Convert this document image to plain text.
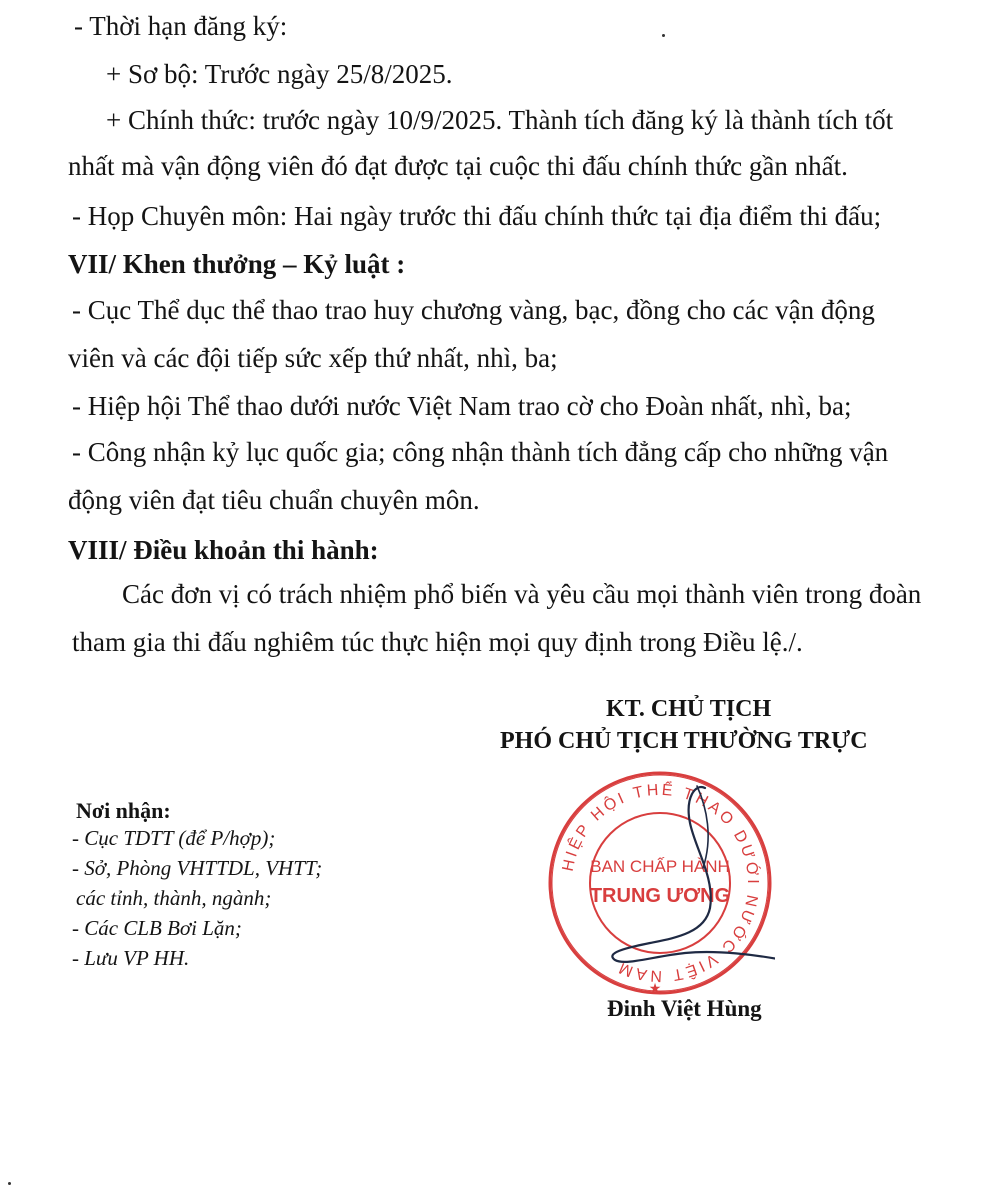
- Thời hạn đăng ký:
+ Sơ bộ: Trước ngày 25/8/2025.
+ Chính thức: trước ngày 10/9/2025. Thành tích đăng ký là thành tích tốt
nhất mà vận động viên đó đạt được tại cuộc thi đấu chính thức gần nhất.
- Họp Chuyên môn: Hai ngày trước thi đấu chính thức tại địa điểm thi đấu;
VII/ Khen thưởng – Kỷ luật :
- Cục Thể dục thể thao trao huy chương vàng, bạc, đồng cho các vận động
viên và các đội tiếp sức xếp thứ nhất, nhì, ba;
- Hiệp hội Thể thao dưới nước Việt Nam trao cờ cho Đoàn nhất, nhì, ba;
- Công nhận kỷ lục quốc gia; công nhận thành tích đẳng cấp cho những vận
động viên đạt tiêu chuẩn chuyên môn.
VIII/ Điều khoản thi hành:
Các đơn vị có trách nhiệm phổ biến và yêu cầu mọi thành viên trong đoàn
tham gia thi đấu nghiêm túc thực hiện mọi quy định trong Điều lệ./.
KT. CHỦ TỊCH
PHÓ CHỦ TỊCH THƯỜNG TRỰC
Nơi nhận:
- Cục TDTT (để P/hợp);
- Sở, Phòng VHTTDL, VHTT;
các tỉnh, thành, ngành;
- Các CLB Bơi Lặn;
- Lưu VP HH.
HIỆP HỘI THỂ THAO DƯỚI NƯỚC VIỆT NAM
BAN CHẤP HÀNH
TRUNG ƯƠNG
★
Đinh Việt Hùng
